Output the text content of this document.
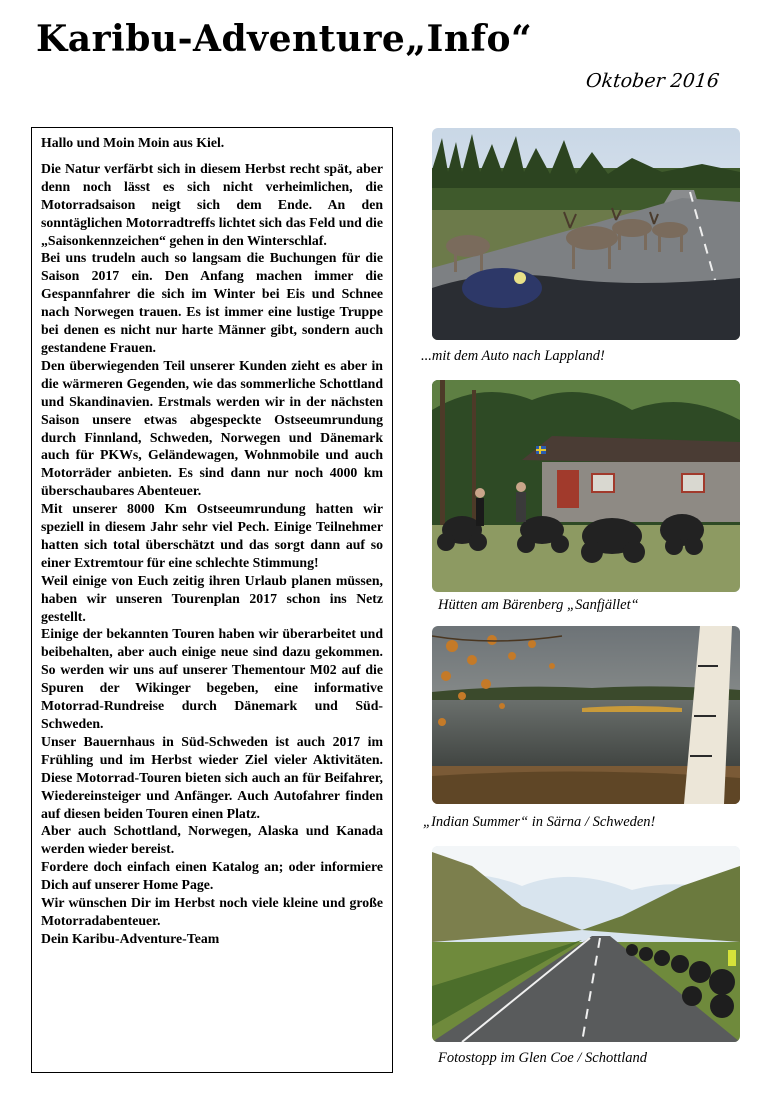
Karibu-Adventure„Info“
Oktober 2016

Hallo und Moin Moin aus Kiel.

Die Natur verfärbt sich in diesem Herbst recht spät, aber denn noch lässt es sich nicht verheimlichen, die Motorradsaison neigt sich dem Ende. An den sonntäglichen Motorradtreffs lichtet sich das Feld und die „Saisonkennzeichen“ gehen in den Winterschlaf.

Bei uns trudeln auch so langsam die Buchungen für die Saison 2017 ein. Den Anfang machen immer die Gespannfahrer die sich im Winter bei Eis und Schnee nach Norwegen trauen. Es ist immer eine lustige Truppe bei denen es nicht nur harte Männer gibt, sondern auch gestandene Frauen.

Den überwiegenden Teil unserer Kunden zieht es aber in die wärmeren Gegenden, wie das sommerliche Schottland und Skandinavien. Erstmals werden wir in der nächsten Saison unsere etwas abgespeckte Ostseeumrundung durch Finnland, Schweden, Norwegen und Dänemark auch für PKWs, Geländewagen, Wohnmobile und auch Motorräder anbieten. Es sind dann nur noch 4000 km überschaubares Abenteuer.

Mit unserer 8000 Km Ostseeumrundung hatten wir speziell in diesem Jahr sehr viel Pech. Einige Teilnehmer hatten sich total überschätzt und das sorgt dann auf so einer Extremtour für eine schlechte Stimmung!

Weil einige von Euch zeitig ihren Urlaub planen müssen, haben wir unseren Tourenplan 2017 schon ins Netz gestellt.

Einige der bekannten Touren haben wir überarbeitet und beibehalten, aber auch einige neue sind dazu gekommen. So werden wir uns auf unserer Thementour M02 auf die Spuren der Wikinger begeben, eine informative Motorrad-Rundreise durch Dänemark und Süd-Schweden.

Unser Bauernhaus in Süd-Schweden ist auch 2017 im Frühling und im Herbst wieder Ziel vieler Aktivitäten. Diese Motorrad-Touren bieten sich auch an für Beifahrer, Wiedereinsteiger und Anfänger. Auch Autofahrer finden auf diesen beiden Touren einen Platz.

Aber auch Schottland, Norwegen, Alaska und Kanada werden wieder bereist.

Fordere doch einfach einen Katalog an; oder informiere Dich auf unserer Home Page.

Wir wünschen Dir im Herbst noch viele kleine und große Motorradabenteuer.

Dein Karibu-Adventure-Team

...mit dem Auto nach Lappland!
Hütten am Bärenberg „Sanfjället“
„Indian Summer“ in Särna / Schweden!
Fotostopp im Glen Coe / Schottland
